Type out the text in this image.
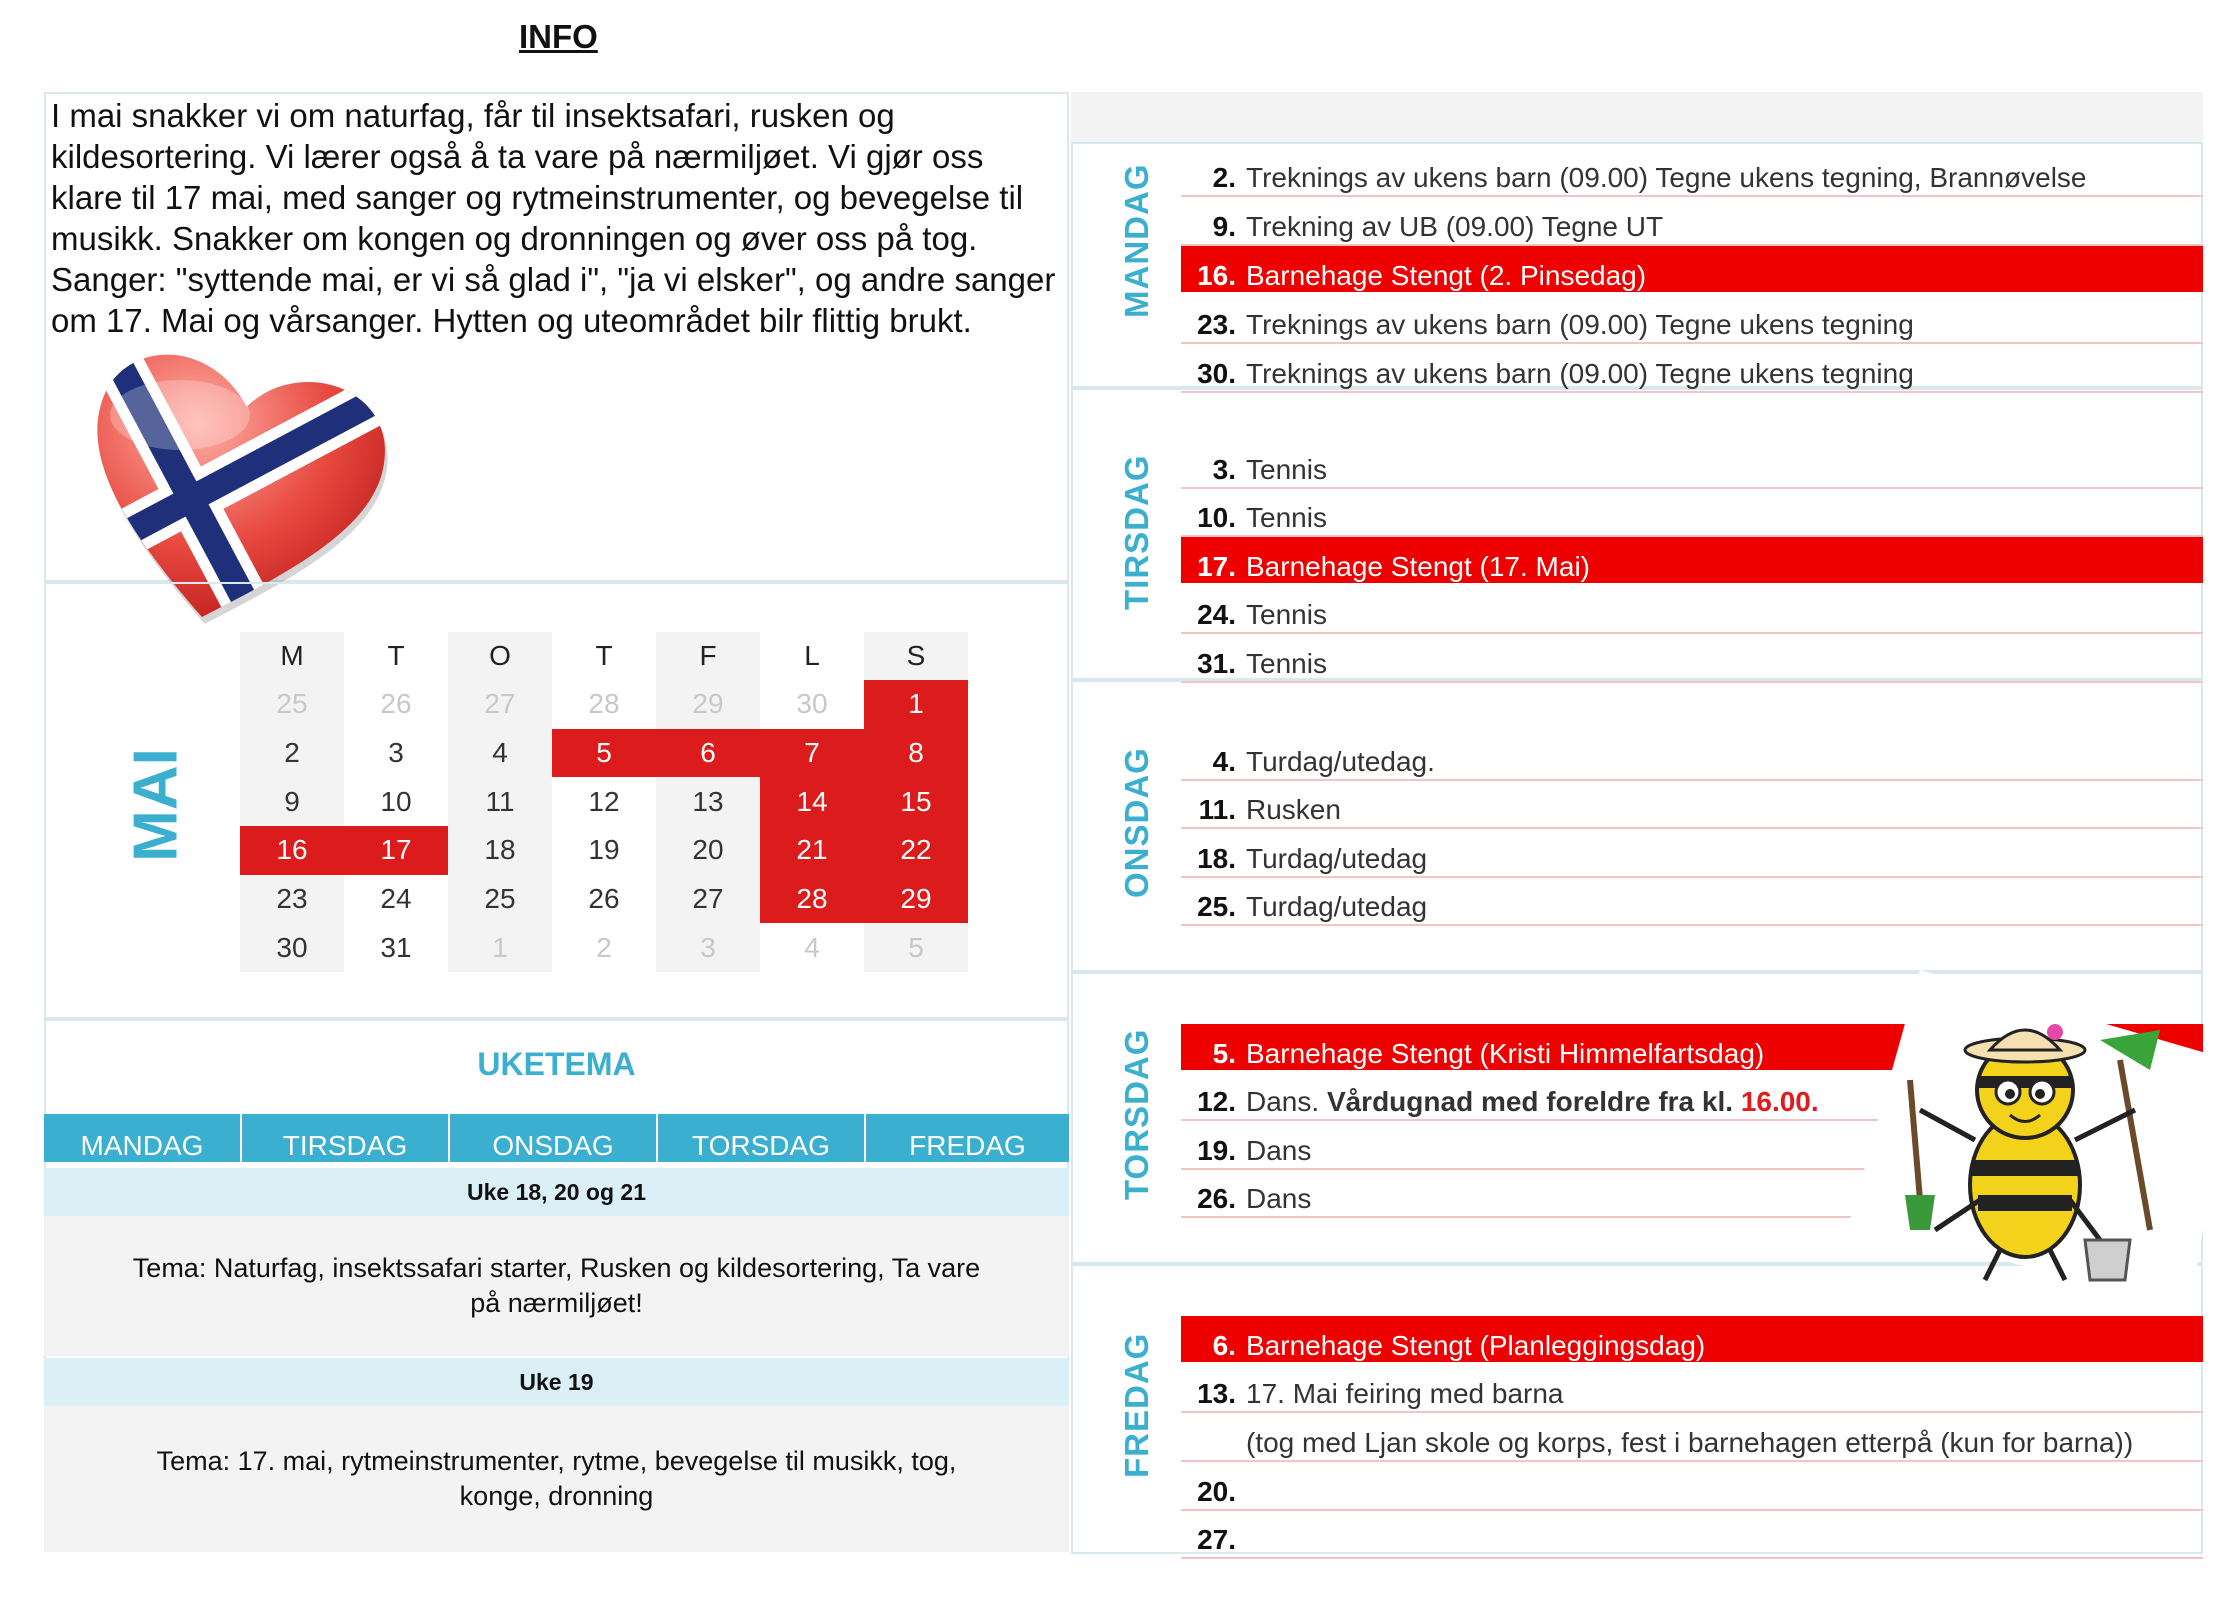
INFO
I mai snakker vi om naturfag, får til insektsafari, rusken og kildesortering. Vi lærer også å ta vare på nærmiljøet. Vi gjør oss klare til 17 mai, med sanger og rytmeinstrumenter, og bevegelse til musikk. Snakker om kongen og dronningen og øver oss på tog. Sanger: "syttende mai, er vi så glad i", "ja vi elsker", og andre sanger om 17. Mai og vårsanger. Hytten og uteområdet bilr flittig brukt.
MAI
M	T	O	T	F	L	S
25	26	27	28	29	30	1
2	3	4	5	6	7	8
9	10	11	12	13	14	15
16	17	18	19	20	21	22
23	24	25	26	27	28	29
30	31	1	2	3	4	5
UKETEMA
MANDAG	TIRSDAG	ONSDAG	TORSDAG	FREDAG
Uke 18, 20 og 21
Tema: Naturfag, insektssafari starter, Rusken og kildesortering, Ta vare på nærmiljøet!
Uke 19
Tema: 17. mai, rytmeinstrumenter, rytme, bevegelse til musikk, tog, konge, dronning
MANDAG
TIRSDAG
ONSDAG
TORSDAG
FREDAG
2. Treknings av ukens barn (09.00) Tegne ukens tegning, Brannøvelse
9. Trekning av UB (09.00) Tegne UT
16. Barnehage Stengt (2. Pinsedag)
23. Treknings av ukens barn (09.00) Tegne ukens tegning
30. Treknings av ukens barn (09.00) Tegne ukens tegning
3. Tennis
10. Tennis
17. Barnehage Stengt (17. Mai)
24. Tennis
31. Tennis
4. Turdag/utedag.
11. Rusken
18. Turdag/utedag
25. Turdag/utedag
5. Barnehage Stengt (Kristi Himmelfartsdag)
12. Dans. Vårdugnad med foreldre fra kl. 16.00.
19. Dans
26. Dans
6. Barnehage Stengt (Planleggingsdag)
13. 17. Mai feiring med barna
(tog med Ljan skole og korps, fest i barnehagen etterpå (kun for barna))
20.
27.
